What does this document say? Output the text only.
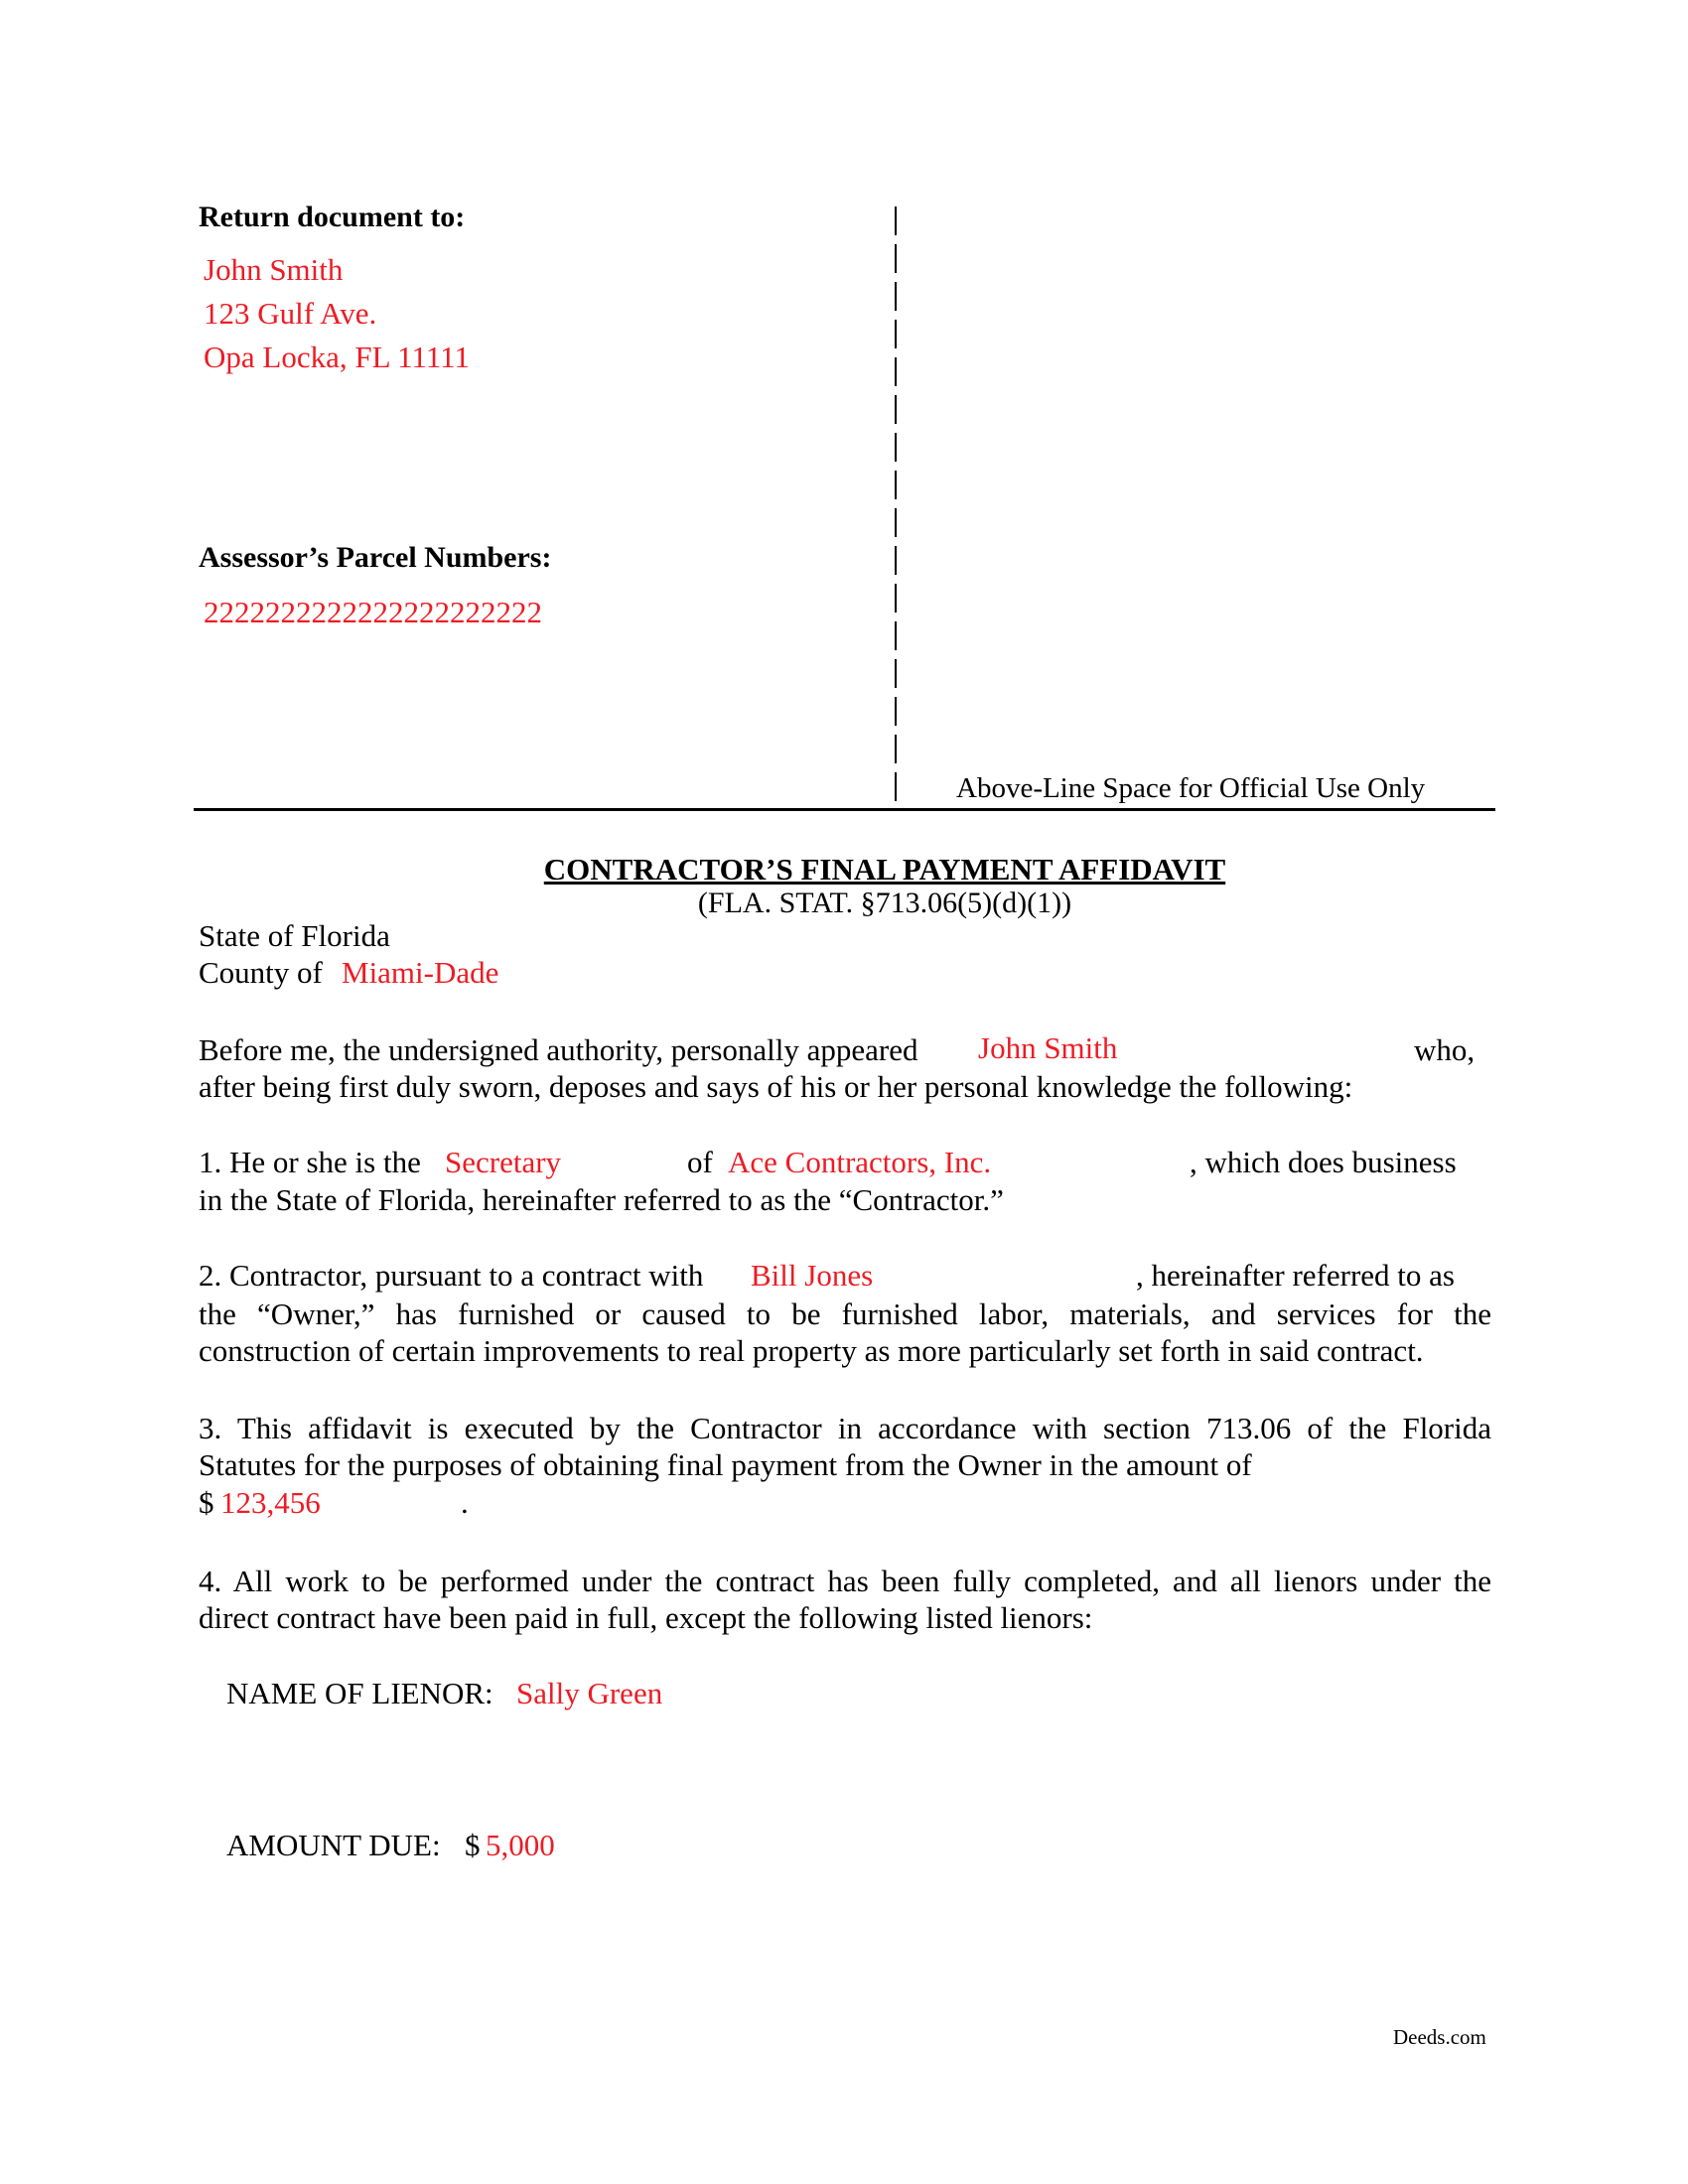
Return document to:
John Smith
123 Gulf Ave.
Opa Locka, FL 11111
Assessor’s Parcel Numbers:
2222222222222222222222
Above-Line Space for Official Use Only
CONTRACTOR’S FINAL PAYMENT AFFIDAVIT
(FLA. STAT. §713.06(5)(d)(1))
State of Florida
County of Miami-Dade
Before me, the undersigned authority, personally appeared John Smith	who,
after being first duly sworn, deposes and says of his or her personal knowledge the following:
1. He or she is the Secretary	of Ace Contractors, Inc.	, which does business
in the State of Florida, hereinafter referred to as the “Contractor.”
2. Contractor, pursuant to a contract with Bill Jones	, hereinafter referred to as
the “Owner,” has furnished or caused to be furnished labor, materials, and services for the
construction of certain improvements to real property as more particularly set forth in said contract.
3. This affidavit is executed by the Contractor in accordance with section 713.06 of the Florida
Statutes for the purposes of obtaining final payment from the Owner in the amount of
$ 123,456	.
4. All work to be performed under the contract has been fully completed, and all lienors under the
direct contract have been paid in full, except the following listed lienors:
NAME OF LIENOR: Sally Green
AMOUNT DUE: $ 5,000
Deeds.com
